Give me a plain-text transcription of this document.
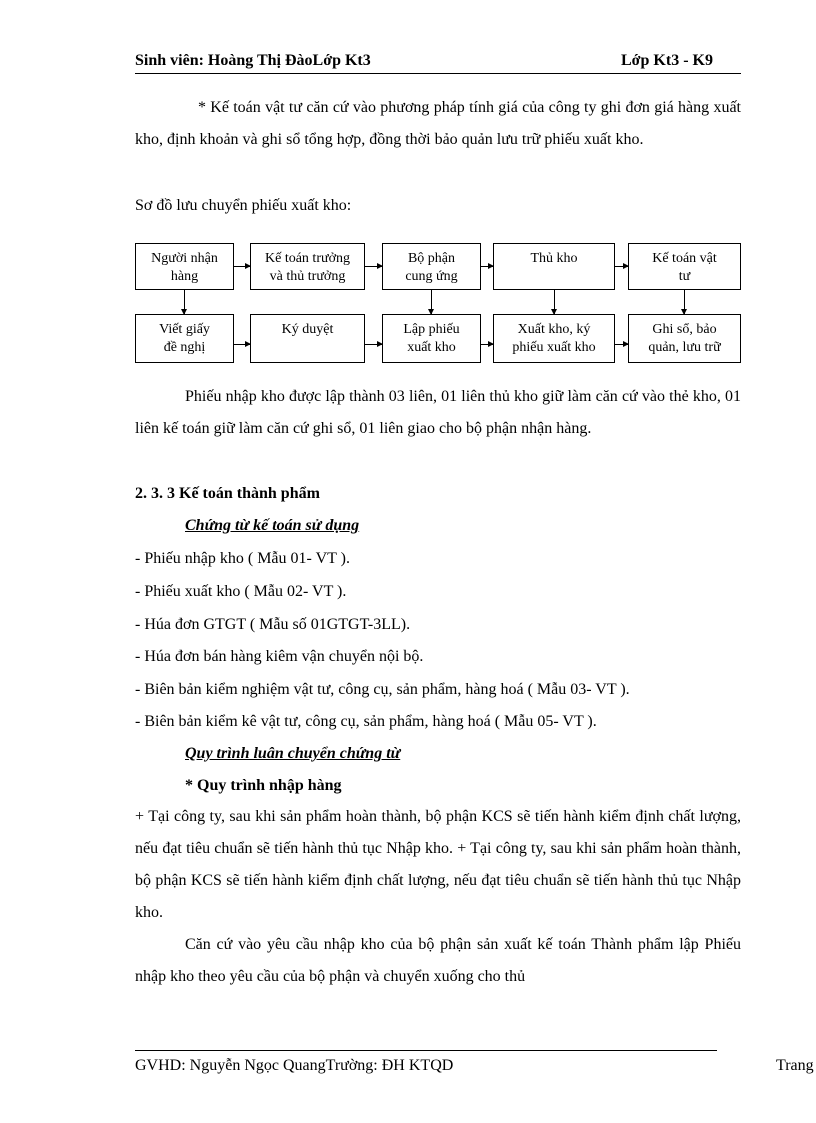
Sinh viên: Hoàng Thị ĐàoLớp Kt3	Lớp Kt3 - K9
* Kế toán vật tư căn cứ vào phương pháp tính giá của công ty ghi đơn giá hàng xuất kho, định khoản và ghi sổ tổng hợp, đồng thời bảo quản lưu trữ phiếu xuất kho.
Sơ đồ lưu chuyển phiếu xuất kho:
Người nhận
hàng
Kế toán trưởng
và thủ trưởng
Bộ phận
cung ứng
Thủ kho	Kế toán vật
tư
Viết giấy
đề nghị
Ký duyệt	Lập phiếu
xuất kho
Xuất kho, ký
phiếu xuất kho
Ghi sổ, bảo
quản, lưu trữ
Phiếu nhập kho được lập thành 03 liên, 01 liên thủ kho giữ làm căn cứ vào thẻ kho, 01 liên kế toán giữ làm căn cứ ghi sổ, 01 liên giao cho bộ phận nhận hàng.
2. 3. 3 Kế toán thành phẩm
Chứng từ kế toán sử dụng
- Phiếu nhập kho ( Mẫu 01- VT ).
- Phiếu xuất kho ( Mẫu 02- VT ).
- Húa đơn GTGT ( Mẫu số 01GTGT-3LL).
- Húa đơn bán hàng kiêm vận chuyển nội bộ.
- Biên bản kiểm nghiệm vật tư, công cụ, sản phẩm, hàng hoá ( Mẫu 03- VT ).
- Biên bản kiểm kê vật tư, công cụ, sản phẩm, hàng hoá ( Mẫu 05- VT ).
Quy trình luân chuyển chứng từ
* Quy trình nhập hàng
+ Tại công ty, sau khi sản phẩm hoàn thành, bộ phận KCS sẽ tiến hành kiểm định chất lượng, nếu đạt tiêu chuẩn sẽ tiến hành thủ tục Nhập kho. + Tại công ty, sau khi sản phẩm hoàn thành, bộ phận KCS sẽ tiến hành kiểm định chất lượng, nếu đạt tiêu chuẩn sẽ tiến hành thủ tục Nhập kho.
Căn cứ vào yêu cầu nhập kho của bộ phận sản xuất kế toán Thành phẩm lập Phiếu nhập kho theo yêu cầu của bộ phận và chuyển xuống cho thủ
GVHD: Nguyễn Ngọc QuangTrường: ĐH KTQD	Trang
